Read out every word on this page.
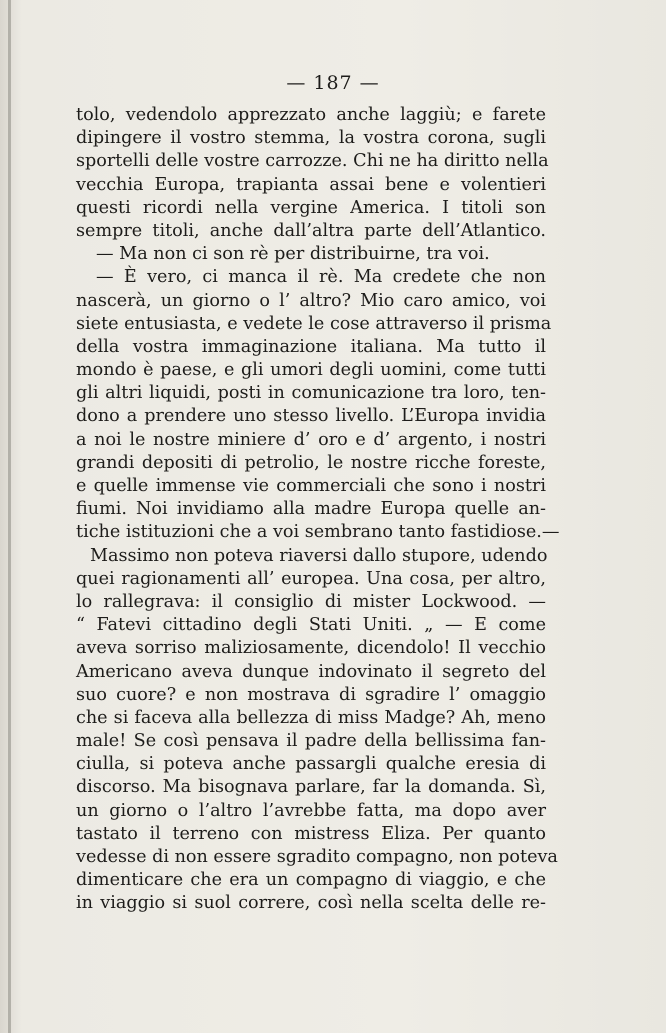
— 187 —
tolo, vedendolo apprezzato anche laggiù; e farete
dipingere il vostro stemma, la vostra corona, sugli
sportelli delle vostre carrozze. Chi ne ha diritto nella
vecchia Europa, trapianta assai bene e volentieri
questi ricordi nella vergine America. I titoli son
sempre titoli, anche dall’altra parte dell’Atlantico.
— Ma non ci son rè per distribuirne, tra voi.
— È vero, ci manca il rè. Ma credete che non
nascerà, un giorno o l’ altro? Mio caro amico, voi
siete entusiasta, e vedete le cose attraverso il prisma
della vostra immaginazione italiana. Ma tutto il
mondo è paese, e gli umori degli uomini, come tutti
gli altri liquidi, posti in comunicazione tra loro, ten-
dono a prendere uno stesso livello. L’Europa invidia
a noi le nostre miniere d’ oro e d’ argento, i nostri
grandi depositi di petrolio, le nostre ricche foreste,
e quelle immense vie commerciali che sono i nostri
fiumi. Noi invidiamo alla madre Europa quelle an-
tiche istituzioni che a voi sembrano tanto fastidiose.—
Massimo non poteva riaversi dallo stupore, udendo
quei ragionamenti all’ europea. Una cosa, per altro,
lo rallegrava: il consiglio di mister Lockwood. —
“ Fatevi cittadino degli Stati Uniti. „ — E come
aveva sorriso maliziosamente, dicendolo! Il vecchio
Americano aveva dunque indovinato il segreto del
suo cuore? e non mostrava di sgradire l’ omaggio
che si faceva alla bellezza di miss Madge? Ah, meno
male! Se così pensava il padre della bellissima fan-
ciulla, si poteva anche passargli qualche eresia di
discorso. Ma bisognava parlare, far la domanda. Sì,
un giorno o l’altro l’avrebbe fatta, ma dopo aver
tastato il terreno con mistress Eliza. Per quanto
vedesse di non essere sgradito compagno, non poteva
dimenticare che era un compagno di viaggio, e che
in viaggio si suol correre, così nella scelta delle re-
